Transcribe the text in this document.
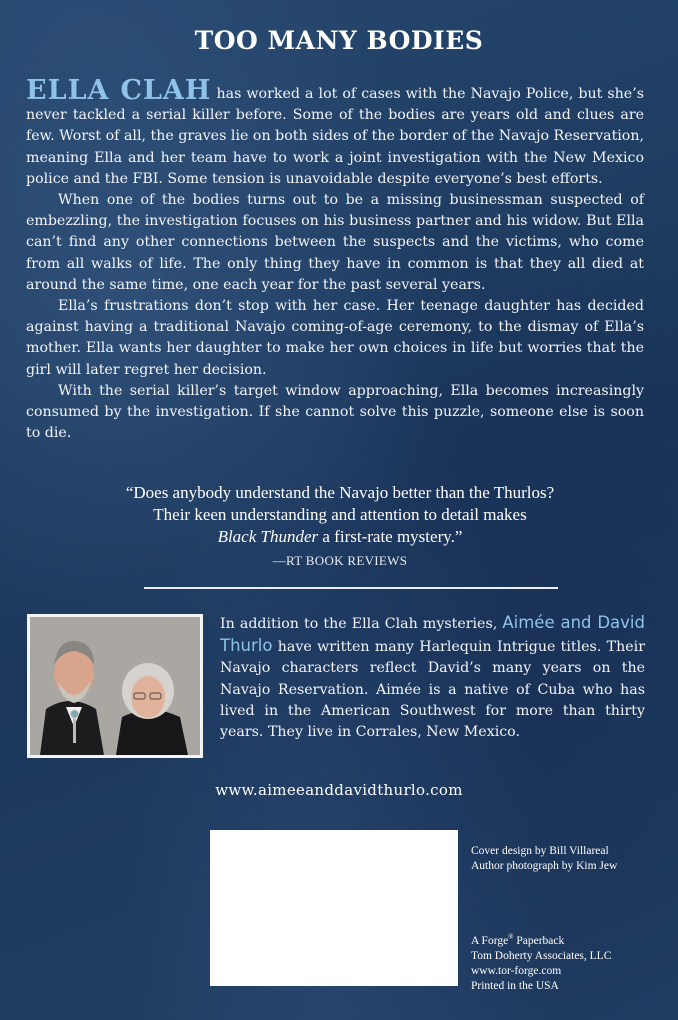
TOO MANY BODIES

ELLA CLAH has worked a lot of cases with the Navajo Police, but she’s never tackled a serial killer before. Some of the bodies are years old and clues are few. Worst of all, the graves lie on both sides of the border of the Navajo Reservation, meaning Ella and her team have to work a joint investigation with the New Mexico police and the FBI. Some tension is unavoidable despite everyone’s best efforts.

When one of the bodies turns out to be a missing businessman suspected of embezzling, the investigation focuses on his business partner and his widow. But Ella can’t find any other connections between the suspects and the victims, who come from all walks of life. The only thing they have in common is that they all died at around the same time, one each year for the past several years.

Ella’s frustrations don’t stop with her case. Her teenage daughter has decided against having a traditional Navajo coming-of-age ceremony, to the dismay of Ella’s mother. Ella wants her daughter to make her own choices in life but worries that the girl will later regret her decision.

With the serial killer’s target window approaching, Ella becomes increasingly consumed by the investigation. If she cannot solve this puzzle, someone else is soon to die.

“Does anybody understand the Navajo better than the Thurlos?
Their keen understanding and attention to detail makes
Black Thunder a first-rate mystery.”
—RT BOOK REVIEWS
In addition to the Ella Clah mysteries, Aimée and David Thurlo have written many Harlequin Intrigue titles. Their Navajo characters reflect David’s many years on the Navajo Reservation. Aimée is a native of Cuba who has lived in the American Southwest for more than thirty years. They live in Corrales, New Mexico.
www.aimeeanddavidthurlo.com
Cover design by Bill Villareal
Author photograph by Kim Jew
A Forge® Paperback
Tom Doherty Associates, LLC
www.tor-forge.com
Printed in the USA
